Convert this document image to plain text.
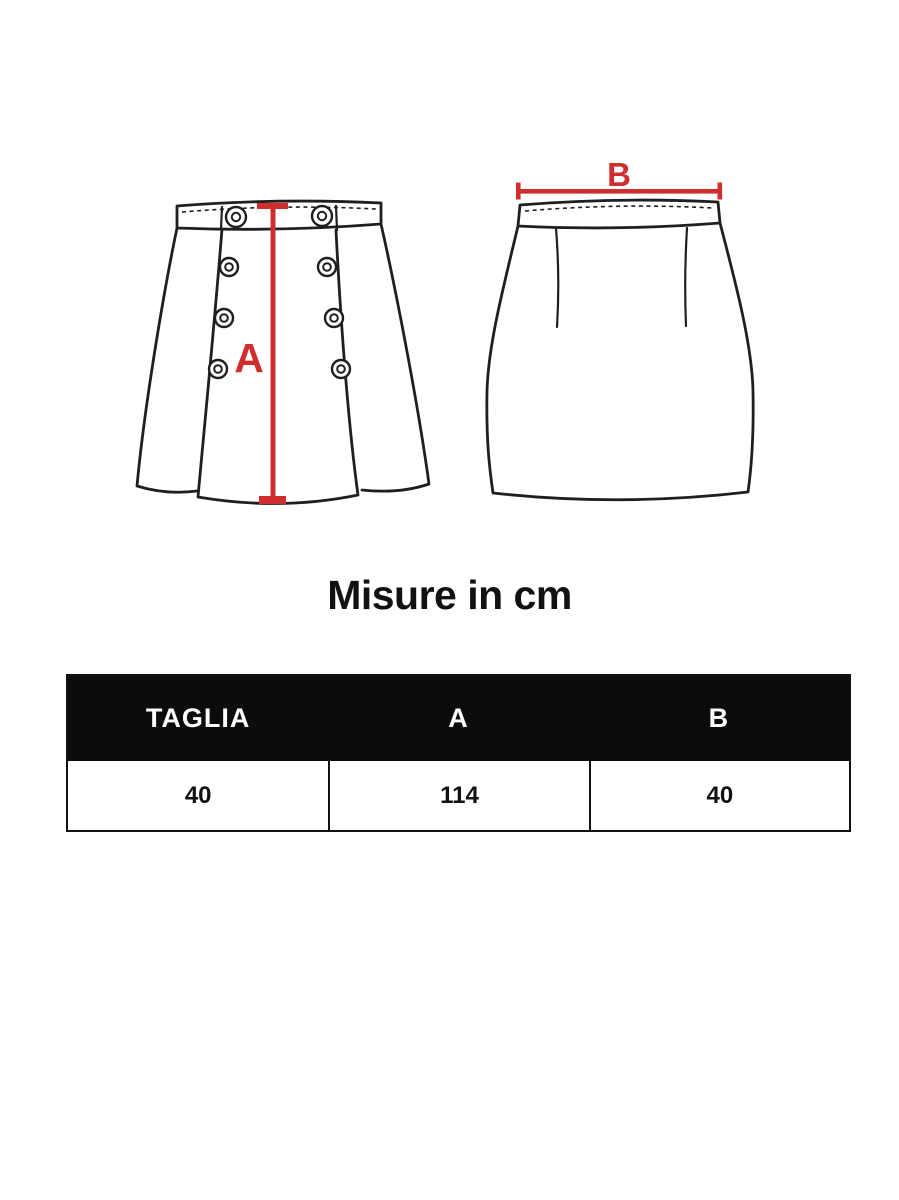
A
B
Misure in cm
TAGLIA	A	B
40	114	40
